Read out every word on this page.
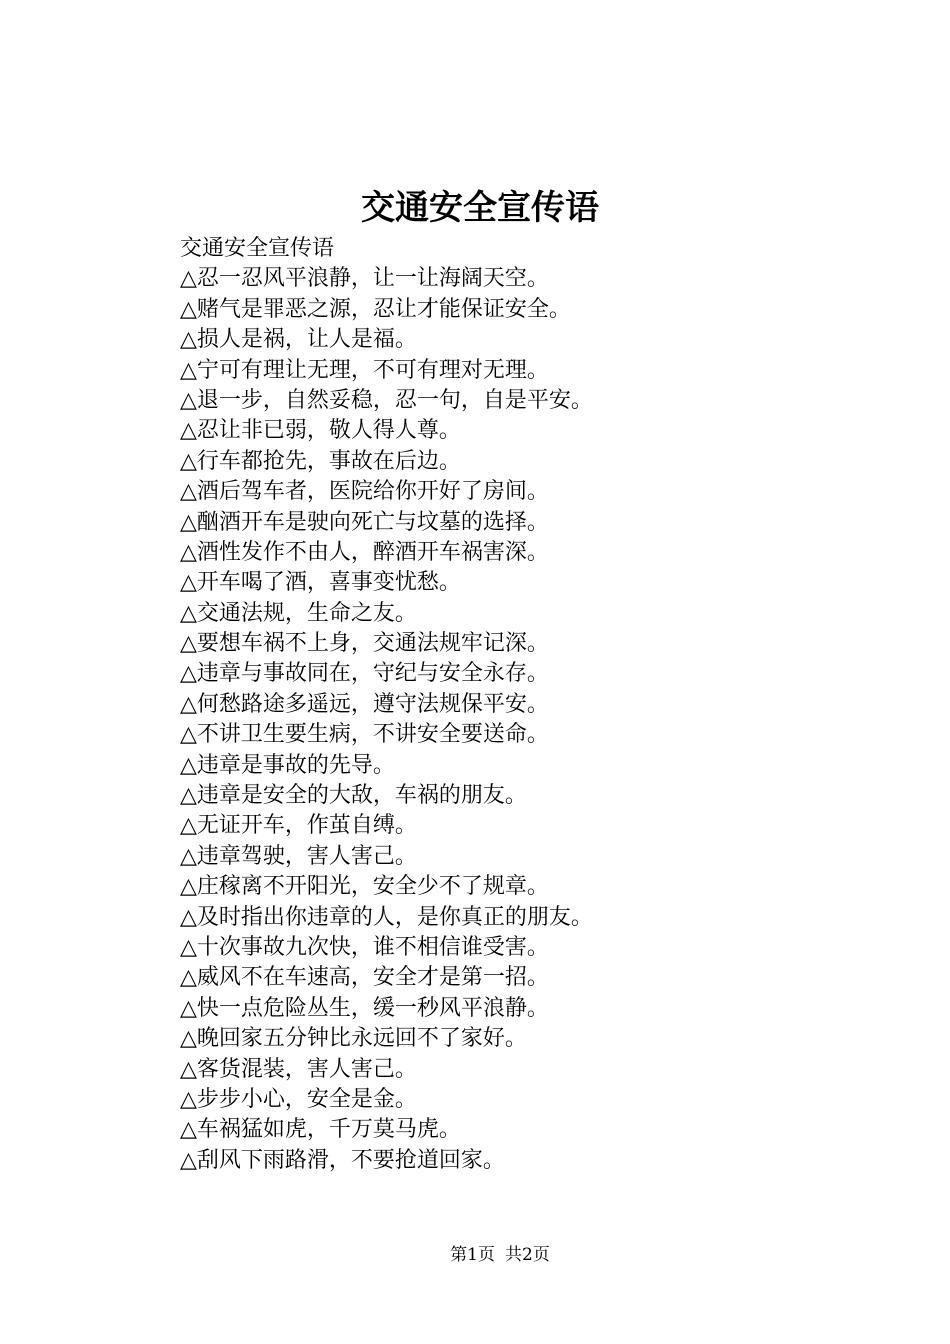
交通安全宣传语
交通安全宣传语
△忍一忍风平浪静，让一让海阔天空。
△赌气是罪恶之源，忍让才能保证安全。
△损人是祸，让人是福。
△宁可有理让无理，不可有理对无理。
△退一步，自然妥稳，忍一句，自是平安。
△忍让非已弱，敬人得人尊。
△行车都抢先，事故在后边。
△酒后驾车者，医院给你开好了房间。
△酗酒开车是驶向死亡与坟墓的选择。
△酒性发作不由人，醉酒开车祸害深。
△开车喝了酒，喜事变忧愁。
△交通法规，生命之友。
△要想车祸不上身，交通法规牢记深。
△违章与事故同在，守纪与安全永存。
△何愁路途多遥远，遵守法规保平安。
△不讲卫生要生病，不讲安全要送命。
△违章是事故的先导。
△违章是安全的大敌，车祸的朋友。
△无证开车，作茧自缚。
△违章驾驶，害人害己。
△庄稼离不开阳光，安全少不了规章。
△及时指出你违章的人，是你真正的朋友。
△十次事故九次快，谁不相信谁受害。
△威风不在车速高，安全才是第一招。
△快一点危险丛生，缓一秒风平浪静。
△晚回家五分钟比永远回不了家好。
△客货混装，害人害己。
△步步小心，安全是金。
△车祸猛如虎，千万莫马虎。
△刮风下雨路滑，不要抢道回家。
第1页 共2页
